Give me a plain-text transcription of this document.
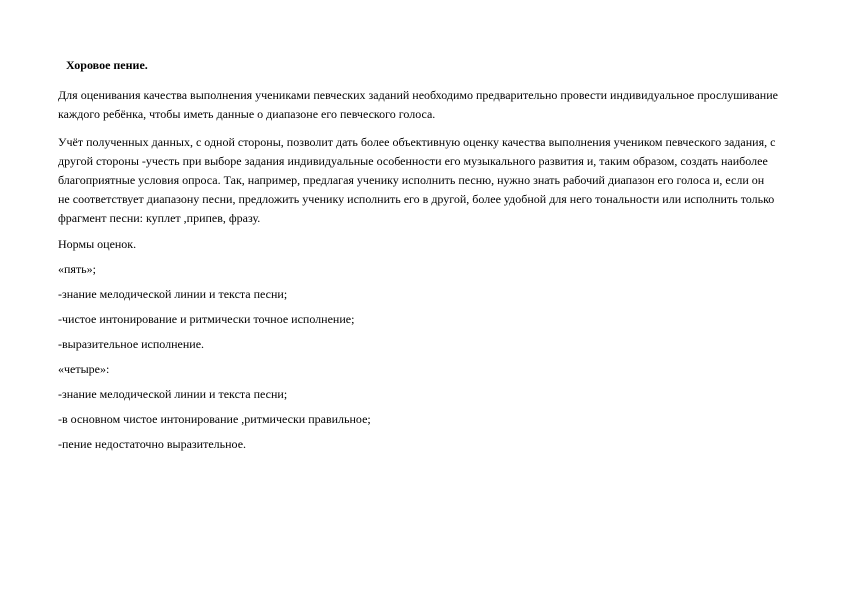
Хоровое пение.

Для оценивания качества выполнения учениками певческих заданий необходимо предварительно провести индивидуальное прослушивание каждого ребёнка, чтобы иметь данные о диапазоне его певческого голоса.

Учёт полученных данных, с одной стороны, позволит дать более объективную оценку качества выполнения учеником певческого задания, с другой стороны -учесть при выборе задания индивидуальные особенности его музыкального развития и, таким образом, создать наиболее благоприятные условия опроса. Так, например, предлагая ученику исполнить песню, нужно знать рабочий диапазон его голоса и, если он не соответствует диапазону песни, предложить ученику исполнить его в другой, более удобной для него тональности или исполнить только фрагмент песни: куплет ,припев, фразу.

Нормы оценок.

«пять»;

-знание мелодической линии и текста песни;

-чистое интонирование и ритмически точное исполнение;

-выразительное исполнение.

«четыре»:

-знание мелодической линии и текста песни;

-в основном чистое интонирование ,ритмически правильное;

-пение недостаточно выразительное.
